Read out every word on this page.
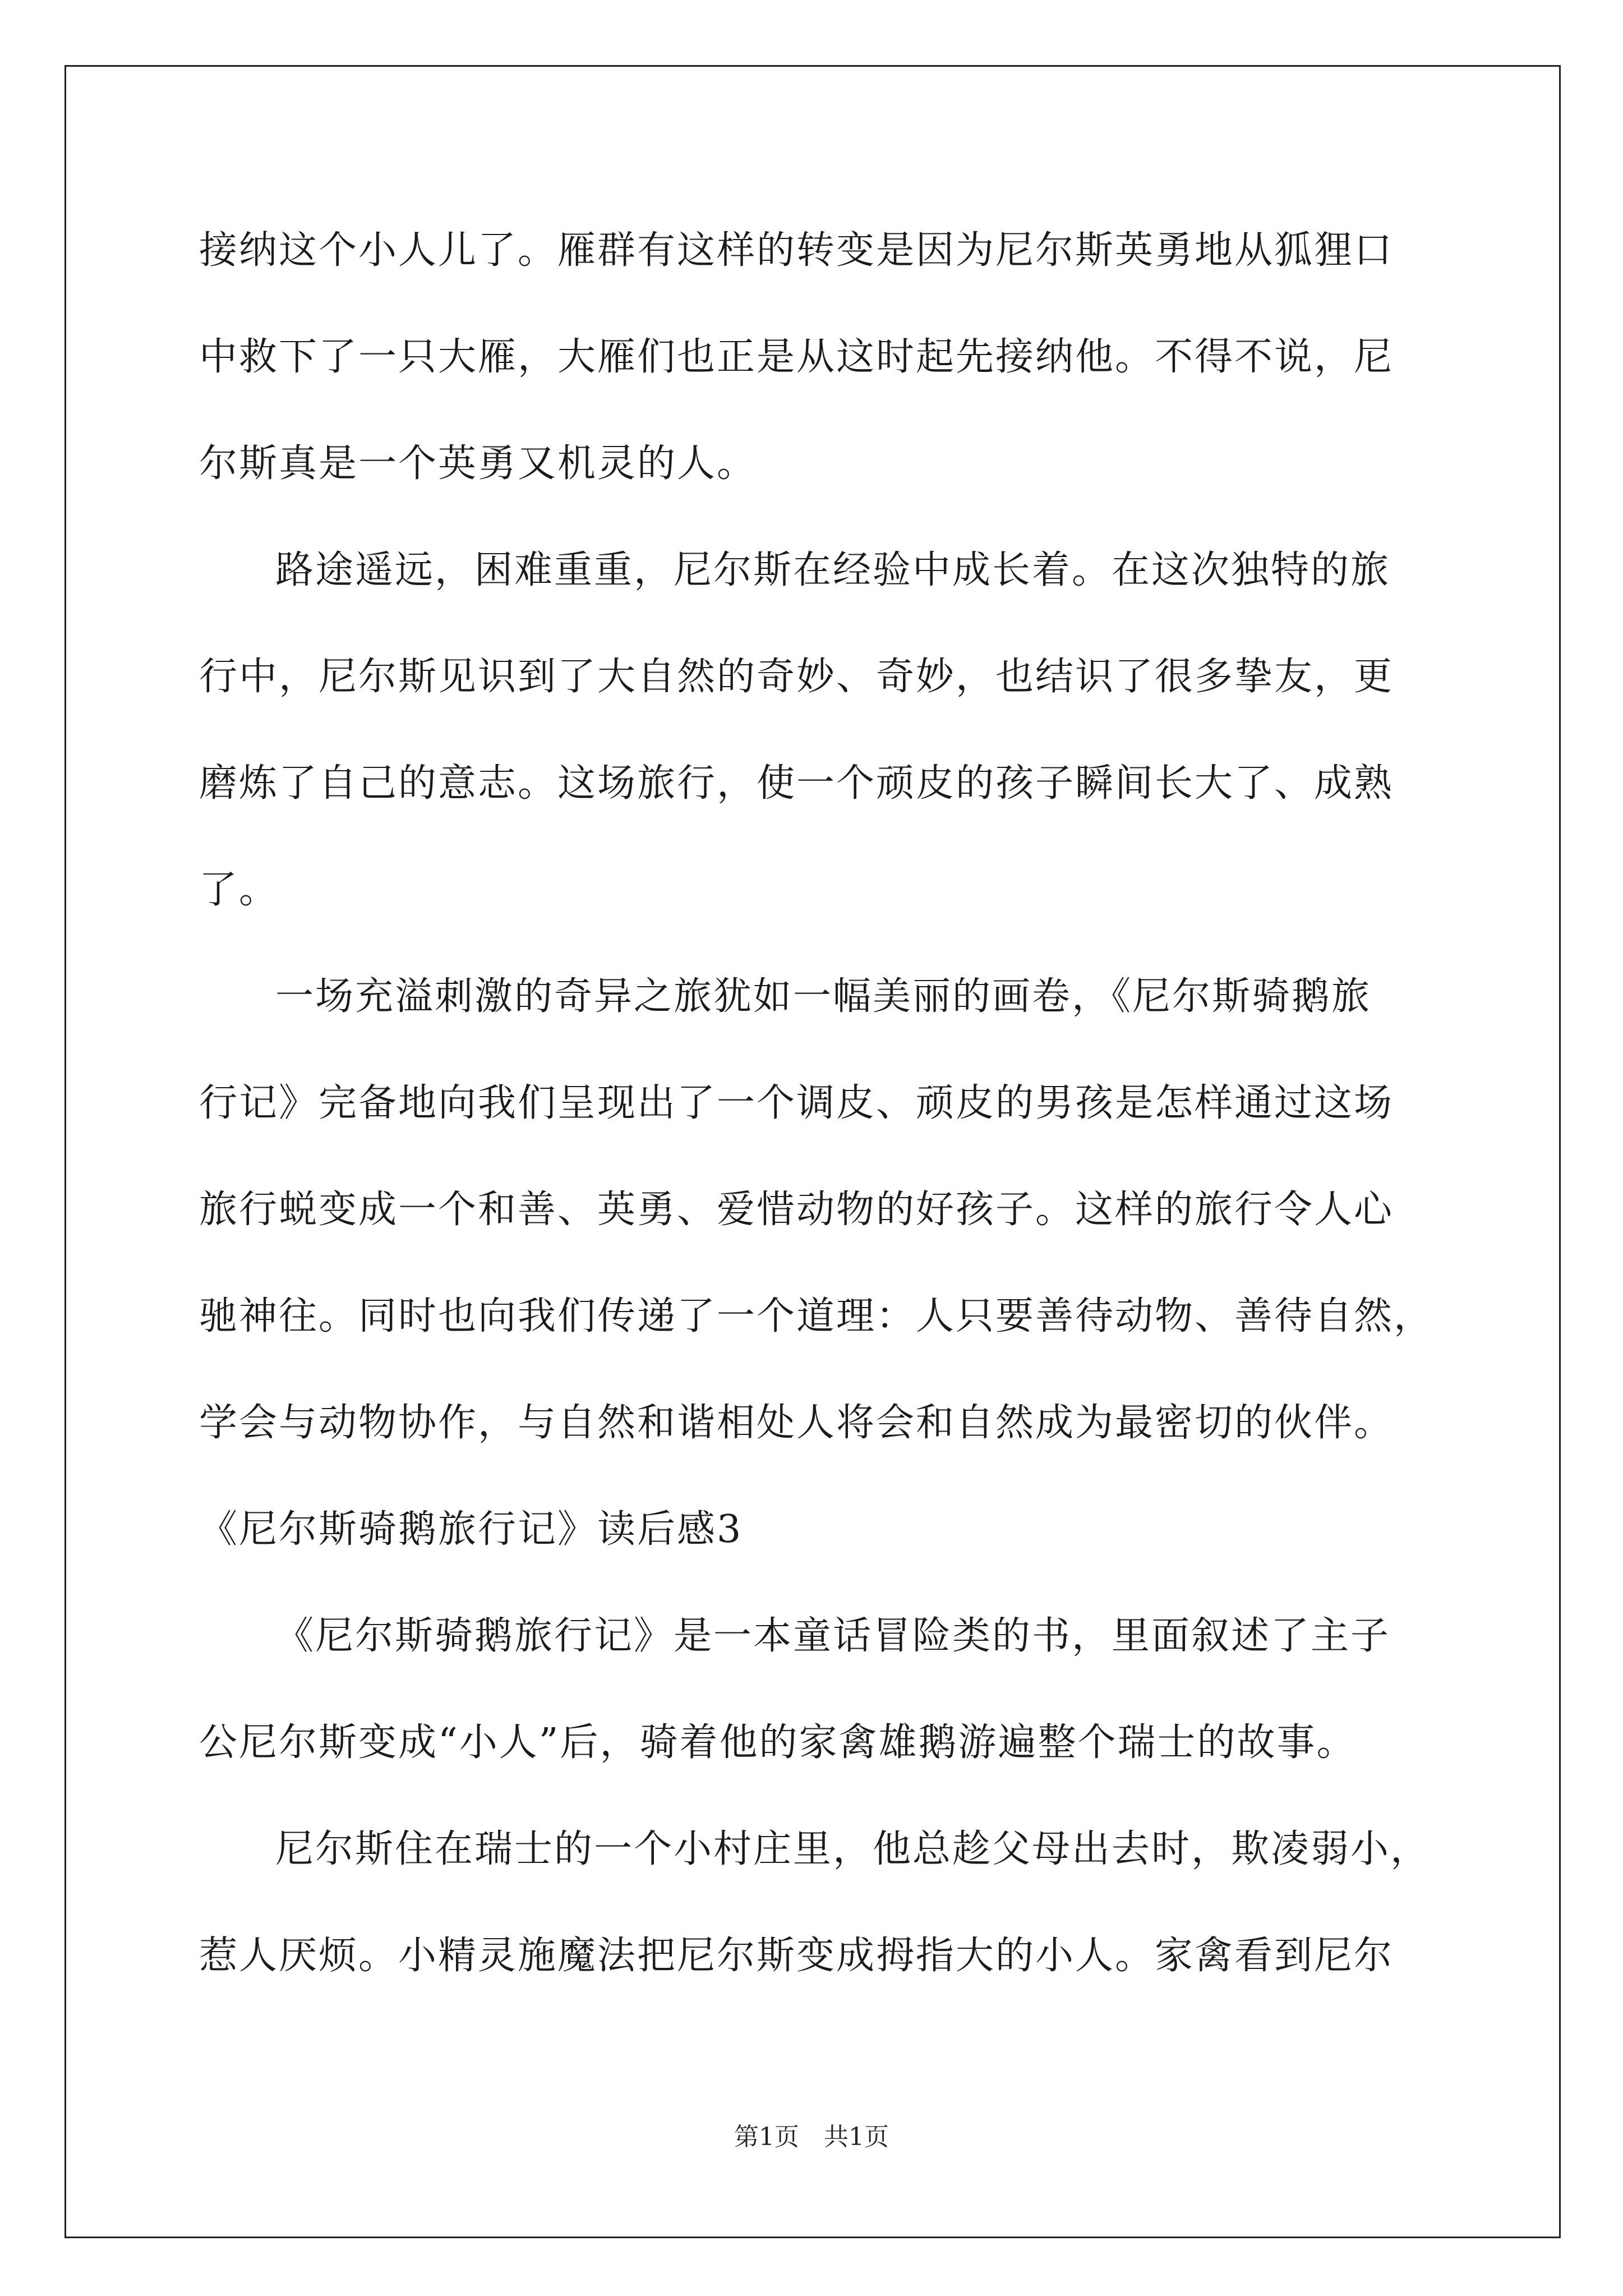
接纳这个小人儿了。雁群有这样的转变是因为尼尔斯英勇地从狐狸口
中救下了一只大雁，大雁们也正是从这时起先接纳他。不得不说，尼
尔斯真是一个英勇又机灵的人。
路途遥远，困难重重，尼尔斯在经验中成长着。在这次独特的旅
行中，尼尔斯见识到了大自然的奇妙、奇妙，也结识了很多挚友，更
磨炼了自己的意志。这场旅行，使一个顽皮的孩子瞬间长大了、成熟
了。
一场充溢刺激的奇异之旅犹如一幅美丽的画卷，《尼尔斯骑鹅旅
行记》完备地向我们呈现出了一个调皮、顽皮的男孩是怎样通过这场
旅行蜕变成一个和善、英勇、爱惜动物的好孩子。这样的旅行令人心
驰神往。同时也向我们传递了一个道理：人只要善待动物、善待自然，
学会与动物协作，与自然和谐相处人将会和自然成为最密切的伙伴。
《尼尔斯骑鹅旅行记》读后感3
《尼尔斯骑鹅旅行记》是一本童话冒险类的书，里面叙述了主子
公尼尔斯变成“小人”后，骑着他的家禽雄鹅游遍整个瑞士的故事。
尼尔斯住在瑞士的一个小村庄里，他总趁父母出去时，欺凌弱小，
惹人厌烦。小精灵施魔法把尼尔斯变成拇指大的小人。家禽看到尼尔
第1页　共1页
